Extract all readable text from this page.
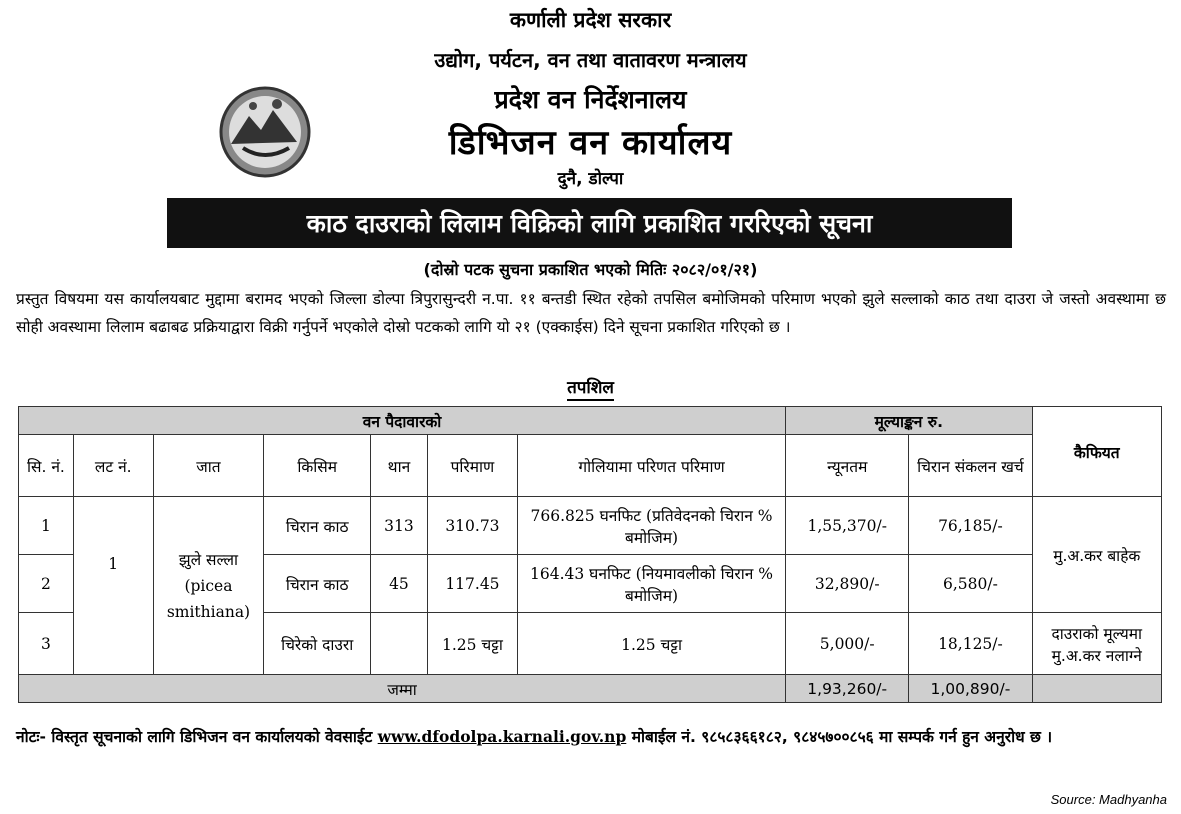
कर्णाली प्रदेश सरकार
उद्योग, पर्यटन, वन तथा वातावरण मन्त्रालय
प्रदेश वन निर्देशनालय
डिभिजन वन कार्यालय
दुनै, डोल्पा
काठ दाउराको लिलाम विक्रिको लागि प्रकाशित गररिएको सूचना
(दोस्रो पटक सुचना प्रकाशित भएको मितिः २०८२/०१/२१)
प्रस्तुत विषयमा यस कार्यालयबाट मुद्दामा बरामद भएको जिल्ला डोल्पा त्रिपुरासुन्दरी न.पा. ११ बन्तडी स्थित रहेको तपसिल बमोजिमको परिमाण भएको झुले सल्लाको काठ तथा दाउरा जे जस्तो अवस्थामा छ सोही अवस्थामा लिलाम बढाबढ प्रक्रियाद्वारा विक्री गर्नुपर्ने भएकोले दोस्रो पटकको लागि यो २१ (एक्काईस) दिने सूचना प्रकाशित गरिएको छ ।
तपशिल
वन पैदावारको							मूल्याङ्कन रु.		कैफियत
सि. नं.	लट नं.	जात	किसिम	थान	परिमाण	गोलियामा परिणत परिमाण	न्यूनतम	चिरान संकलन खर्च	
1	1	झुले सल्ला (picea smithiana)	चिरान काठ	313	310.73	766.825 घनफिट (प्रतिवेदनको चिरान % बमोजिम)	1,55,370/-	76,185/-	मु.अ.कर बाहेक
2			चिरान काठ	45	117.45	164.43 घनफिट (नियमावलीको चिरान % बमोजिम)	32,890/-	6,580/-	
3			चिरेको दाउरा		1.25 चट्टा	1.25 चट्टा	5,000/-	18,125/-	दाउराको मूल्यमा मु.अ.कर नलाग्ने
जम्मा							1,93,260/-	1,00,890/-	
नोटः- विस्तृत सूचनाको लागि डिभिजन वन कार्यालयको वेवसाईट www.dfodolpa.karnali.gov.np मोबाईल नं. ९८५८३६६१८२, ९८४५७००८५६ मा सम्पर्क गर्न हुन अनुरोध छ ।
Source: Madhyanha
